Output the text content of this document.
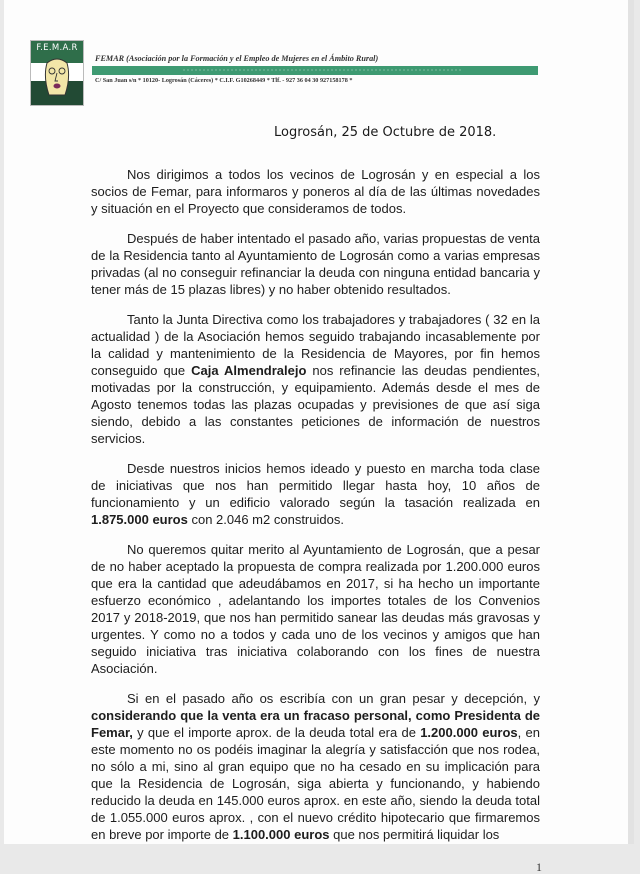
F.E.M.A.R
FEMAR (Asociación por la Formación y el Empleo de Mujeres en el Ámbito Rural)
C/ San Juan s/n * 10120- Logrosán (Cáceres) * C.I.F. G10268449 * Tlf. - 927 36 04 30 927158178 *
Logrosán, 25 de Octubre de 2018.

Nos dirigimos a todos los vecinos de Logrosán y en especial a los socios de Femar, para informaros y poneros al día de las últimas novedades y situación en el Proyecto que consideramos de todos.

Después de haber intentado el pasado año, varias propuestas de venta de la Residencia tanto al Ayuntamiento de Logrosán como a varias empresas privadas (al no conseguir refinanciar la deuda con ninguna entidad bancaria y tener más de 15 plazas libres) y no haber obtenido resultados.

Tanto la Junta Directiva como los trabajadores y trabajadores ( 32 en la actualidad ) de la Asociación hemos seguido trabajando incasablemente por la calidad y mantenimiento de la Residencia de Mayores, por fin hemos conseguido que Caja Almendralejo nos refinancie las deudas pendientes, motivadas por la construcción, y equipamiento. Además desde el mes de Agosto tenemos todas las plazas ocupadas y previsiones de que así siga siendo, debido a las constantes peticiones de información de nuestros servicios.

Desde nuestros inicios hemos ideado y puesto en marcha toda clase de iniciativas que nos han permitido llegar hasta hoy, 10 años de funcionamiento y un edificio valorado según la tasación realizada en 1.875.000 euros con 2.046 m2 construidos.

No queremos quitar merito al Ayuntamiento de Logrosán, que a pesar de no haber aceptado la propuesta de compra realizada por 1.200.000 euros que era la cantidad que adeudábamos en 2017, si ha hecho un importante esfuerzo económico , adelantando los importes totales de los Convenios 2017 y 2018-2019, que nos han permitido sanear las deudas más gravosas y urgentes. Y como no a todos y cada uno de los vecinos y amigos que han seguido iniciativa tras iniciativa colaborando con los fines de nuestra Asociación.

Si en el pasado año os escribía con un gran pesar y decepción, y considerando que la venta era un fracaso personal, como Presidenta de Femar, y que el importe aprox. de la deuda total era de 1.200.000 euros, en este momento no os podéis imaginar la alegría y satisfacción que nos rodea, no sólo a mi, sino al gran equipo que no ha cesado en su implicación para que la Residencia de Logrosán, siga abierta y funcionando, y habiendo reducido la deuda en 145.000 euros aprox. en este año, siendo la deuda total de 1.055.000 euros aprox. , con el nuevo crédito hipotecario que firmaremos en breve por importe de 1.100.000 euros que nos permitirá liquidar los

1
